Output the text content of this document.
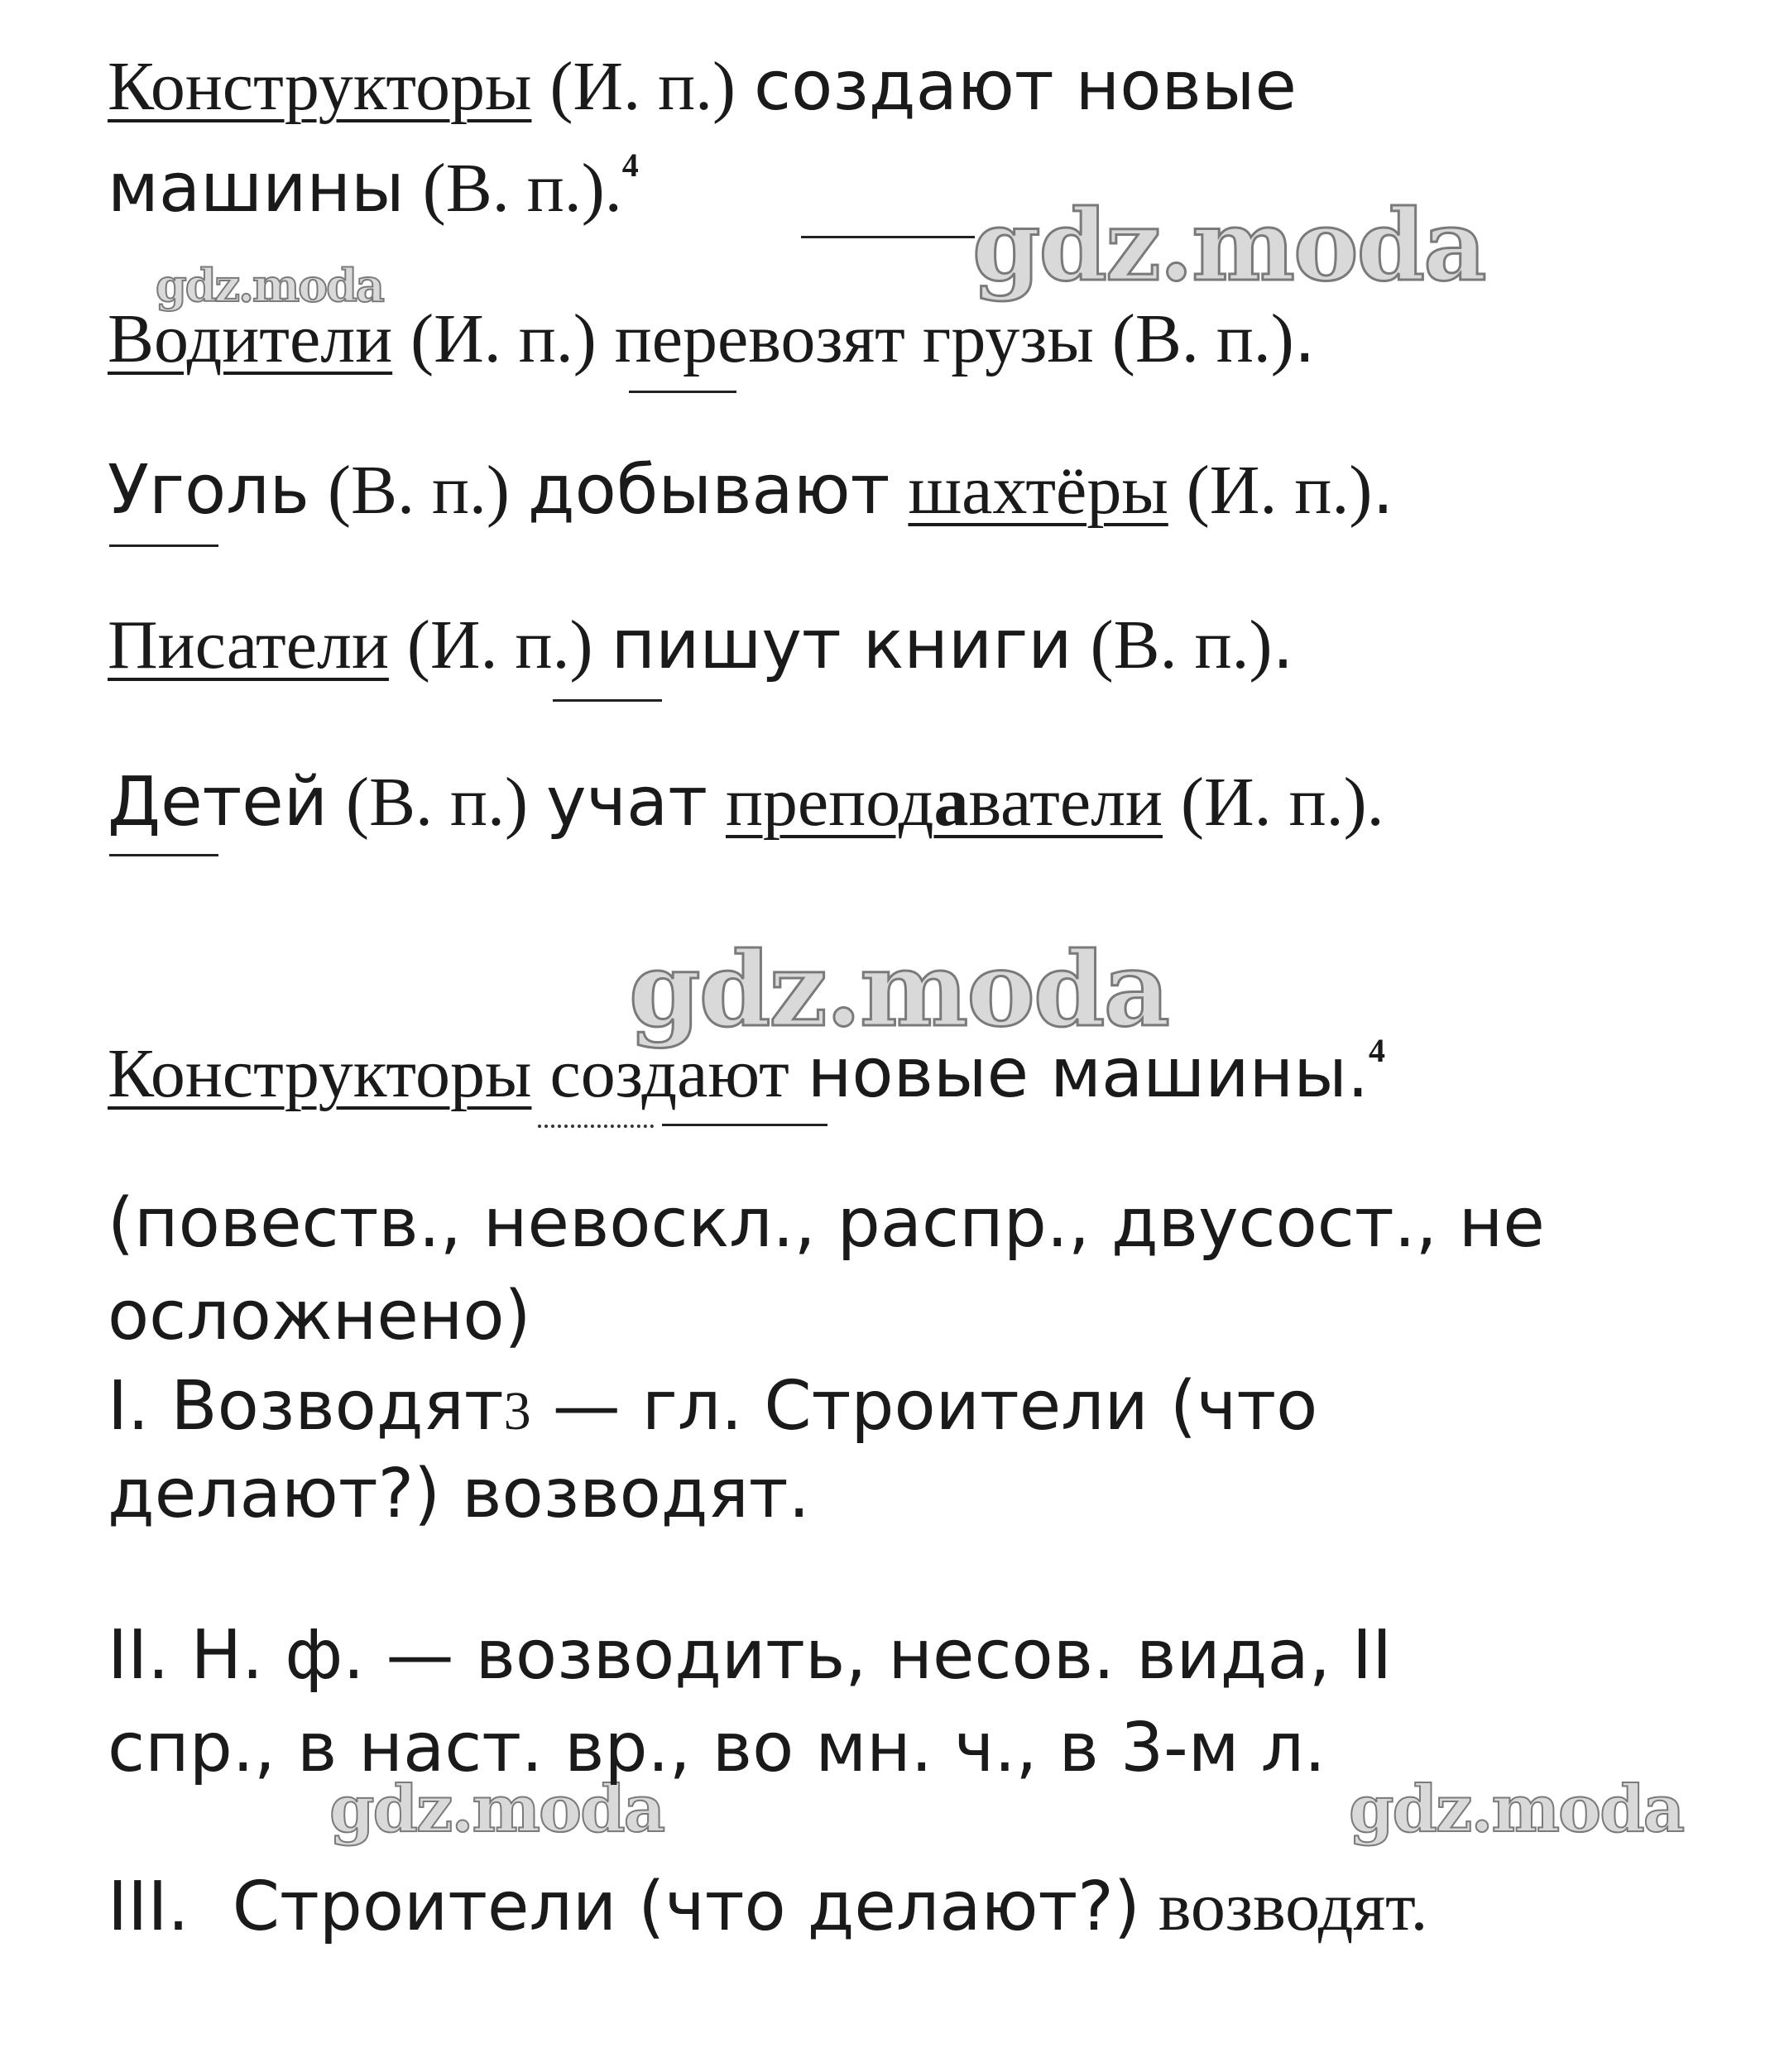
gdz.moda
gdz.moda
gdz.moda
gdz.moda	gdz.moda
Конструкторы (И. п.) создают новые
машины (В. п.).$^4$
Водители (И. п.) перевозят грузы (В. п.).
Уголь (В. п.) добывают шахтёры (И. п.).
Писатели (И. п.) пишут книги (В. п.).
Детей (В. п.) учат преподаватели (И. п.).
Конструкторы создают новые машины.$^4$
(повеств., невоскл., распр., двусост., не
осложнено)
I. Возводят3 — гл. Строители (что
делают?) возводят.
II. Н. ф. — возводить, несов. вида, II
спр., в наст. вр., во мн. ч., в 3-м л.
III.  Строители (что делают?) возводят.
